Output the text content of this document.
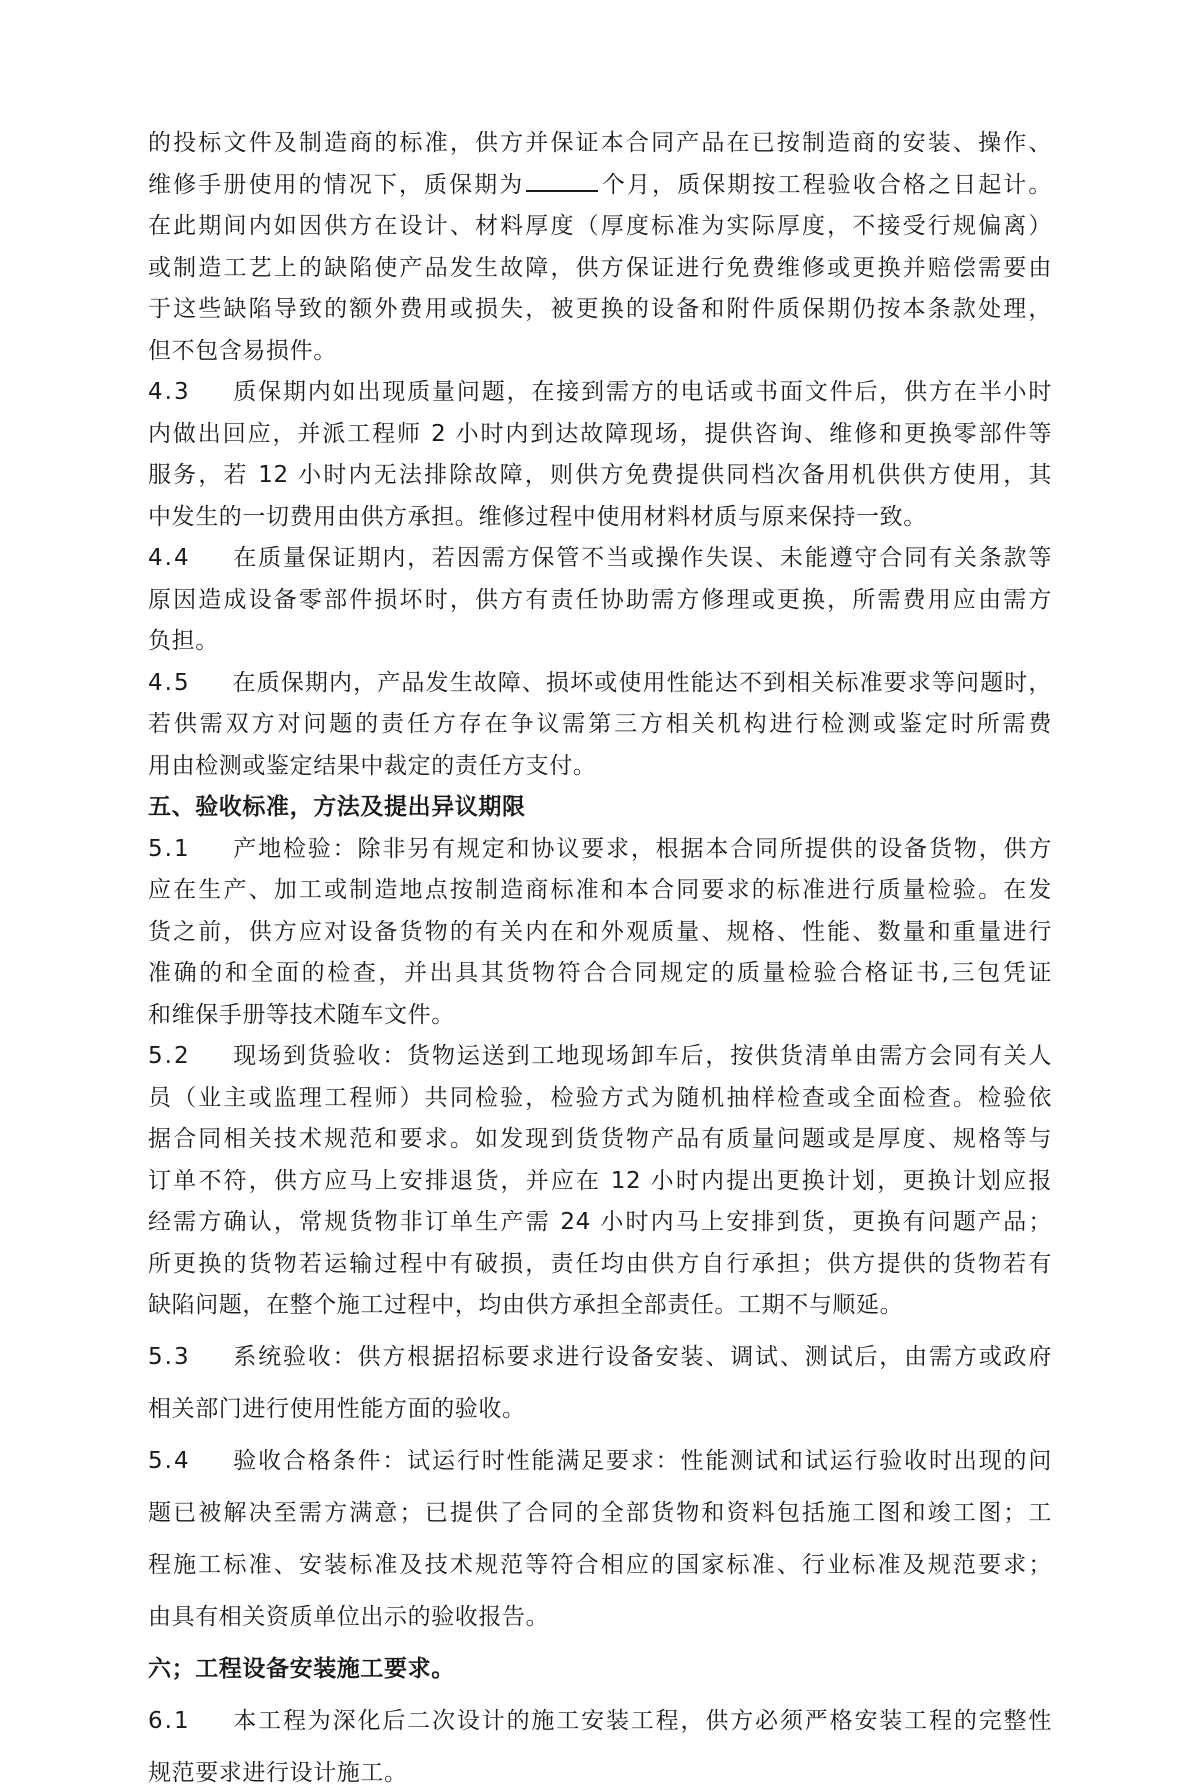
的投标文件及制造商的标准，供方并保证本合同产品在已按制造商的安装、操作、
维修手册使用的情况下，质保期为	个月，质保期按工程验收合格之日起计。
在此期间内如因供方在设计、材料厚度（厚度标准为实际厚度，不接受行规偏离）
或制造工艺上的缺陷使产品发生故障，供方保证进行免费维修或更换并赔偿需要由
于这些缺陷导致的额外费用或损失，被更换的设备和附件质保期仍按本条款处理，
但不包含易损件。
4.3 质保期内如出现质量问题，在接到需方的电话或书面文件后，供方在半小时
内做出回应，并派工程师 2 小时内到达故障现场，提供咨询、维修和更换零部件等
服务，若 12 小时内无法排除故障，则供方免费提供同档次备用机供供方使用，其
中发生的一切费用由供方承担。维修过程中使用材料材质与原来保持一致。
4.4 在质量保证期内，若因需方保管不当或操作失误、未能遵守合同有关条款等
原因造成设备零部件损坏时，供方有责任协助需方修理或更换，所需费用应由需方
负担。
4.5 在质保期内，产品发生故障、损坏或使用性能达不到相关标准要求等问题时，
若供需双方对问题的责任方存在争议需第三方相关机构进行检测或鉴定时所需费
用由检测或鉴定结果中裁定的责任方支付。
五、验收标准，方法及提出异议期限
5.1 产地检验：除非另有规定和协议要求，根据本合同所提供的设备货物，供方
应在生产、加工或制造地点按制造商标准和本合同要求的标准进行质量检验。在发
货之前，供方应对设备货物的有关内在和外观质量、规格、性能、数量和重量进行
准确的和全面的检查，并出具其货物符合合同规定的质量检验合格证书,三包凭证
和维保手册等技术随车文件。
5.2 现场到货验收：货物运送到工地现场卸车后，按供货清单由需方会同有关人
员（业主或监理工程师）共同检验，检验方式为随机抽样检查或全面检查。检验依
据合同相关技术规范和要求。如发现到货货物产品有质量问题或是厚度、规格等与
订单不符，供方应马上安排退货，并应在 12 小时内提出更换计划，更换计划应报
经需方确认，常规货物非订单生产需 24 小时内马上安排到货，更换有问题产品；
所更换的货物若运输过程中有破损，责任均由供方自行承担；供方提供的货物若有
缺陷问题，在整个施工过程中，均由供方承担全部责任。工期不与顺延。
5.3 系统验收：供方根据招标要求进行设备安装、调试、测试后，由需方或政府
相关部门进行使用性能方面的验收。
5.4 验收合格条件：试运行时性能满足要求：性能测试和试运行验收时出现的问
题已被解决至需方满意；已提供了合同的全部货物和资料包括施工图和竣工图；工
程施工标准、安装标准及技术规范等符合相应的国家标准、行业标准及规范要求；
由具有相关资质单位出示的验收报告。
六；工程设备安装施工要求。
6.1 本工程为深化后二次设计的施工安装工程，供方必须严格安装工程的完整性
规范要求进行设计施工。
